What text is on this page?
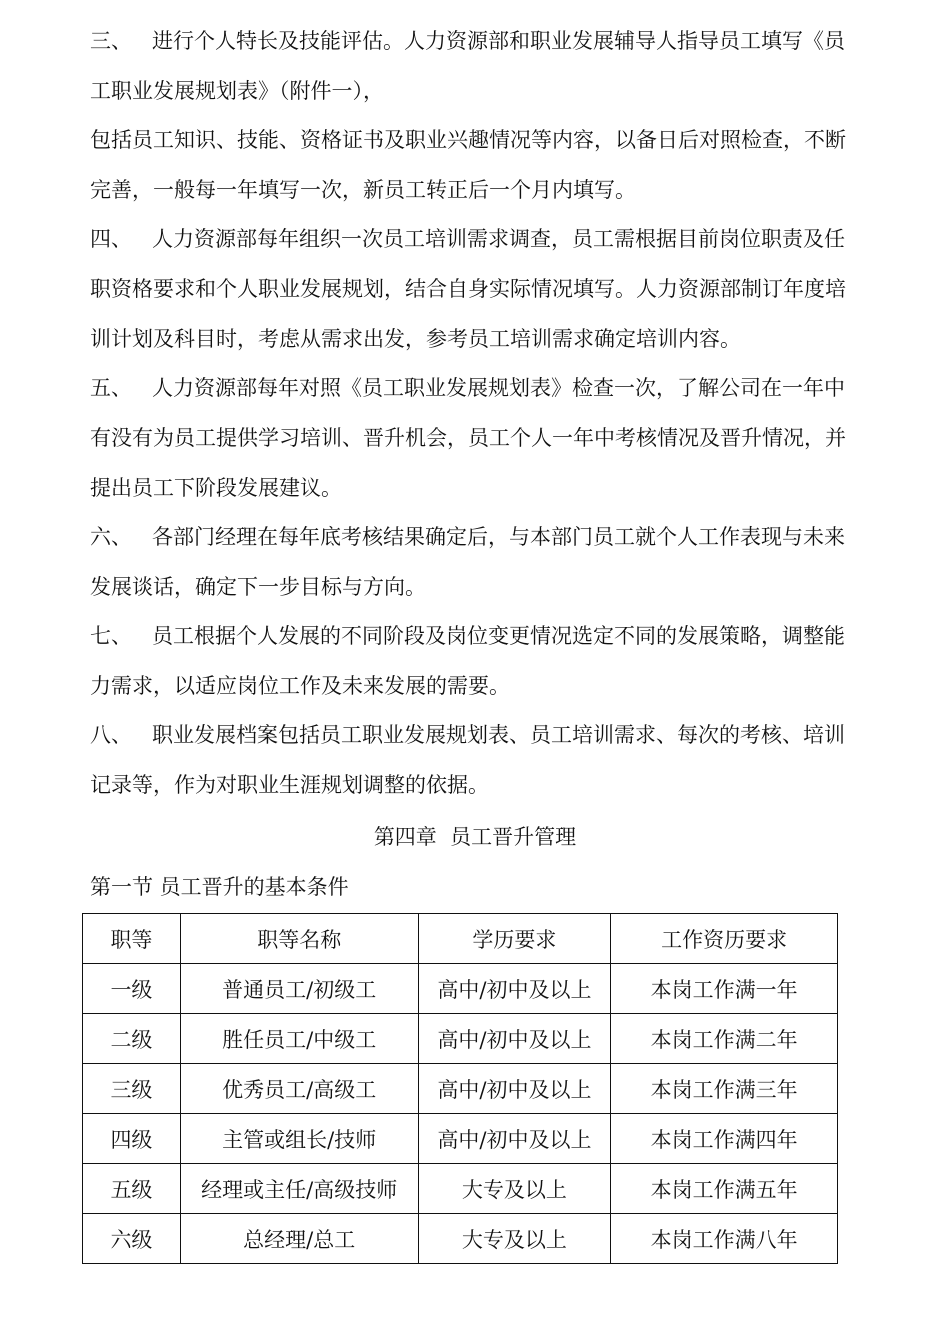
三、 进行个人特长及技能评估。人力资源部和职业发展辅导人指导员工填写《员工职业发展规划表》（附件一），

包括员工知识、技能、资格证书及职业兴趣情况等内容，以备日后对照检查，不断完善，一般每一年填写一次，新员工转正后一个月内填写。

四、 人力资源部每年组织一次员工培训需求调查，员工需根据目前岗位职责及任职资格要求和个人职业发展规划，结合自身实际情况填写。人力资源部制订年度培训计划及科目时，考虑从需求出发，参考员工培训需求确定培训内容。

五、 人力资源部每年对照《员工职业发展规划表》检查一次，了解公司在一年中有没有为员工提供学习培训、晋升机会，员工个人一年中考核情况及晋升情况，并提出员工下阶段发展建议。

六、 各部门经理在每年底考核结果确定后，与本部门员工就个人工作表现与未来发展谈话，确定下一步目标与方向。

七、 员工根据个人发展的不同阶段及岗位变更情况选定不同的发展策略，调整能力需求，以适应岗位工作及未来发展的需要。

八、 职业发展档案包括员工职业发展规划表、员工培训需求、每次的考核、培训记录等，作为对职业生涯规划调整的依据。

第四章  员工晋升管理
第一节 员工晋升的基本条件
职等	职等名称	学历要求	工作资历要求
一级	普通员工/初级工	高中/初中及以上	本岗工作满一年
二级	胜任员工/中级工	高中/初中及以上	本岗工作满二年
三级	优秀员工/高级工	高中/初中及以上	本岗工作满三年
四级	主管或组长/技师	高中/初中及以上	本岗工作满四年
五级	经理或主任/高级技师	大专及以上	本岗工作满五年
六级	总经理/总工	大专及以上	本岗工作满八年
